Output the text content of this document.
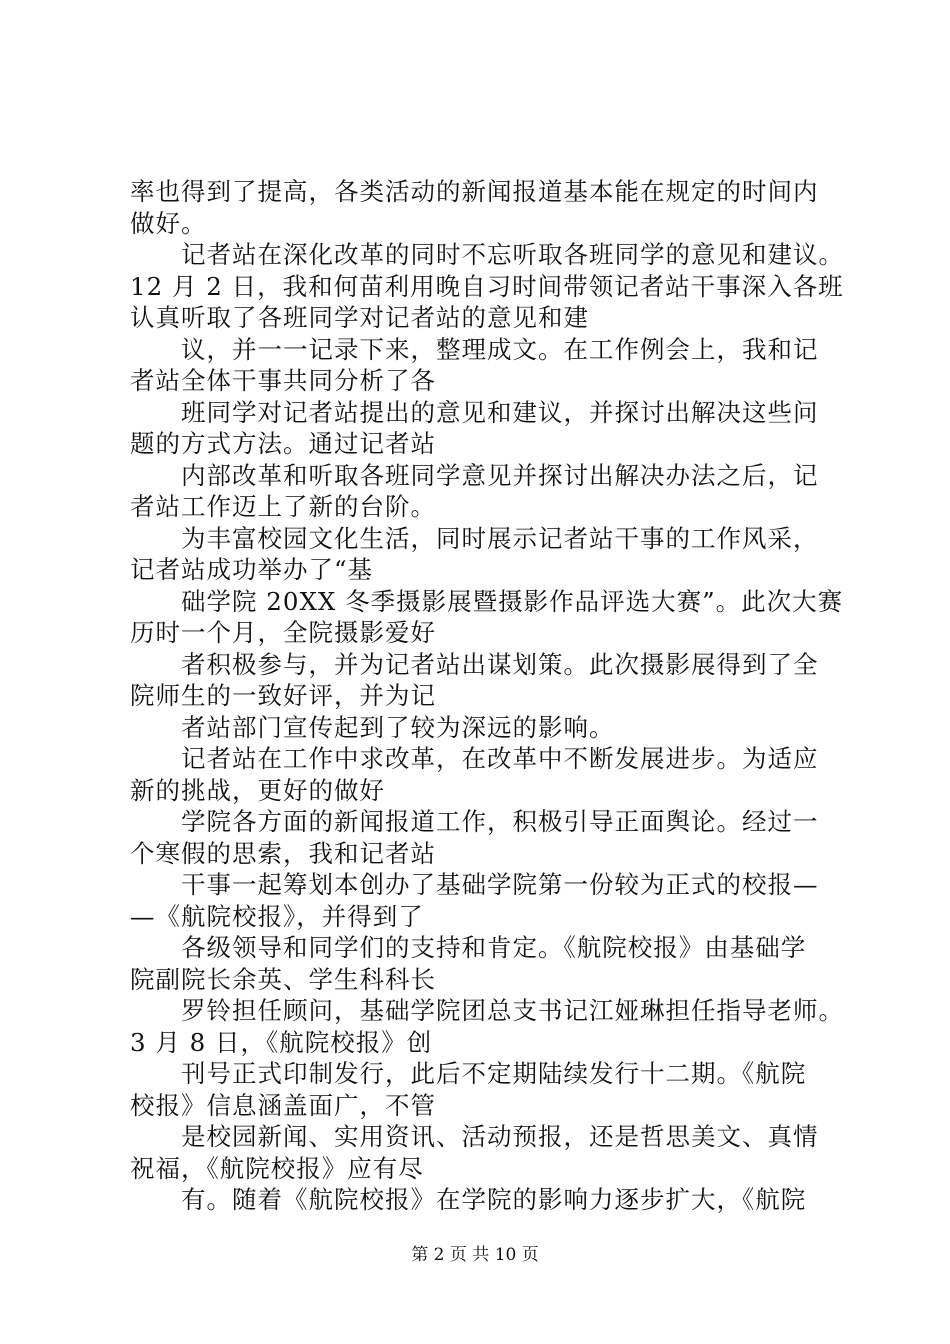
率也得到了提高，各类活动的新闻报道基本能在规定的时间内
做好。
记者站在深化改革的同时不忘听取各班同学的意见和建议。
12 月 2 日，我和何苗利用晚自习时间带领记者站干事深入各班
认真听取了各班同学对记者站的意见和建
议，并一一记录下来，整理成文。在工作例会上，我和记
者站全体干事共同分析了各
班同学对记者站提出的意见和建议，并探讨出解决这些问
题的方式方法。通过记者站
内部改革和听取各班同学意见并探讨出解决办法之后，记
者站工作迈上了新的台阶。
为丰富校园文化生活，同时展示记者站干事的工作风采，
记者站成功举办了“基
础学院 20XX 冬季摄影展暨摄影作品评选大赛”。此次大赛
历时一个月，全院摄影爱好
者积极参与，并为记者站出谋划策。此次摄影展得到了全
院师生的一致好评，并为记
者站部门宣传起到了较为深远的影响。
记者站在工作中求改革，在改革中不断发展进步。为适应
新的挑战，更好的做好
学院各方面的新闻报道工作，积极引导正面舆论。经过一
个寒假的思索，我和记者站
干事一起筹划本创办了基础学院第一份较为正式的校报—
—《航院校报》，并得到了
各级领导和同学们的支持和肯定。《航院校报》由基础学
院副院长余英、学生科科长
罗铃担任顾问，基础学院团总支书记江娅琳担任指导老师。
3 月 8 日，《航院校报》创
刊号正式印制发行，此后不定期陆续发行十二期。《航院
校报》信息涵盖面广，不管
是校园新闻、实用资讯、活动预报，还是哲思美文、真情
祝福，《航院校报》应有尽
有。随着《航院校报》在学院的影响力逐步扩大，《航院
第 2 页 共 10 页
